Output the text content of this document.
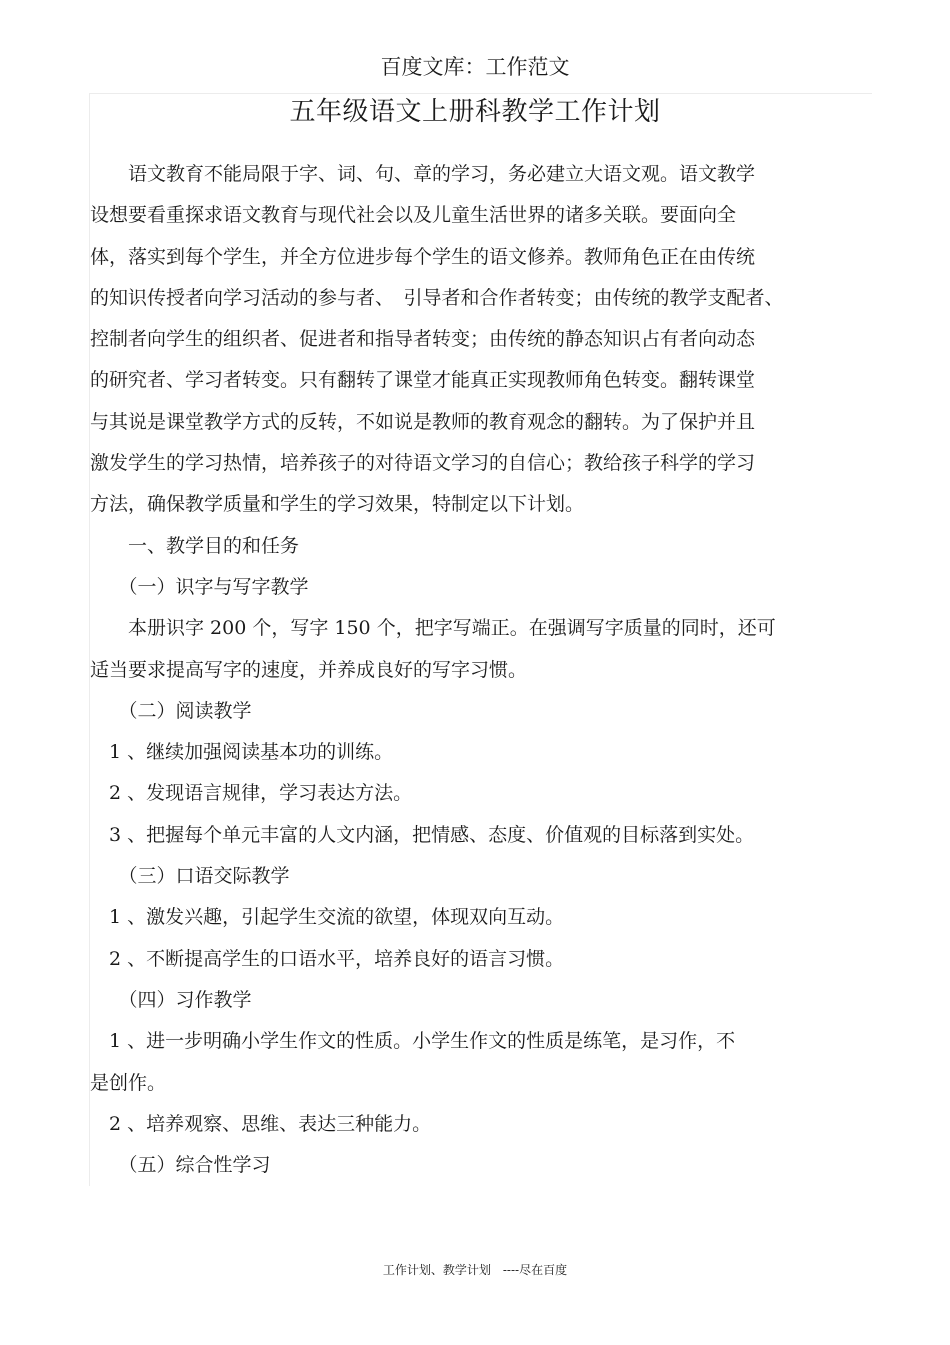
百度文库：工作范文
五年级语文上册科教学工作计划
　　语文教育不能局限于字、词、句、章的学习，务必建立大语文观。语文教学
设想要看重探求语文教育与现代社会以及儿童生活世界的诸多关联。要面向全
体，落实到每个学生，并全方位进步每个学生的语文修养。教师角色正在由传统
的知识传授者向学习活动的参与者、　引导者和合作者转变；由传统的教学支配者、
控制者向学生的组织者、促进者和指导者转变；由传统的静态知识占有者向动态
的研究者、学习者转变。只有翻转了课堂才能真正实现教师角色转变。翻转课堂
与其说是课堂教学方式的反转，不如说是教师的教育观念的翻转。为了保护并且
激发学生的学习热情，培养孩子的对待语文学习的自信心；教给孩子科学的学习
方法，确保教学质量和学生的学习效果，特制定以下计划。
　　一、教学目的和任务
　　（一）识字与写字教学
　　本册识字 200 个，写字 150 个，把字写端正。在强调写字质量的同时，还可
适当要求提高写字的速度，并养成良好的写字习惯。
　　（二）阅读教学
　1 、继续加强阅读基本功的训练。
　2 、发现语言规律，学习表达方法。
　3 、把握每个单元丰富的人文内涵，把情感、态度、价值观的目标落到实处。
　　（三）口语交际教学
　1 、激发兴趣，引起学生交流的欲望，体现双向互动。
　2 、不断提高学生的口语水平，培养良好的语言习惯。
　　（四）习作教学
　1 、进一步明确小学生作文的性质。小学生作文的性质是练笔，是习作，不
是创作。
　2 、培养观察、思维、表达三种能力。
　　（五）综合性学习
工作计划、教学计划　----尽在百度
